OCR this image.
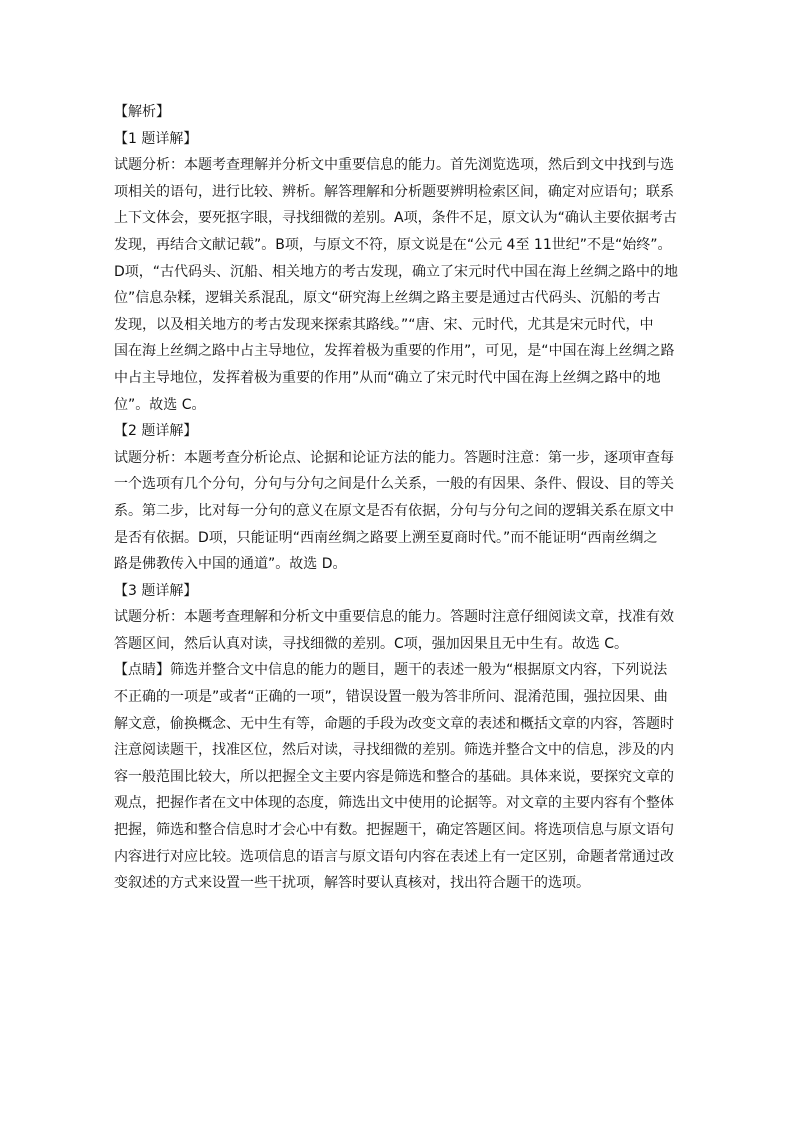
【解析】
【1 题详解】
试题分析：本题考查理解并分析文中重要信息的能力。首先浏览选项，然后到文中找到与选
项相关的语句，进行比较、辨析。解答理解和分析题要辨明检索区间，确定对应语句；联系
上下文体会，要死抠字眼，寻找细微的差别。A项，条件不足，原文认为“确认主要依据考古
发现，再结合文献记载”。B项，与原文不符，原文说是在“公元 4至 11世纪”不是“始终”。
D项，“古代码头、沉船、相关地方的考古发现，确立了宋元时代中国在海上丝绸之路中的地
位”信息杂糅，逻辑关系混乱，原文“研究海上丝绸之路主要是通过古代码头、沉船的考古
发现，以及相关地方的考古发现来探索其路线。”“唐、宋、元时代，尤其是宋元时代，中
国在海上丝绸之路中占主导地位，发挥着极为重要的作用”，可见，是“中国在海上丝绸之路
中占主导地位，发挥着极为重要的作用”从而“确立了宋元时代中国在海上丝绸之路中的地
位”。故选 C。
【2 题详解】
试题分析：本题考查分析论点、论据和论证方法的能力。答题时注意：第一步，逐项审查每
一个选项有几个分句，分句与分句之间是什么关系，一般的有因果、条件、假设、目的等关
系。第二步，比对每一分句的意义在原文是否有依据，分句与分句之间的逻辑关系在原文中
是否有依据。D项，只能证明“西南丝绸之路要上溯至夏商时代。”而不能证明“西南丝绸之
路是佛教传入中国的通道”。故选 D。
【3 题详解】
试题分析：本题考查理解和分析文中重要信息的能力。答题时注意仔细阅读文章，找准有效
答题区间，然后认真对读，寻找细微的差别。C项，强加因果且无中生有。故选 C。
【点睛】筛选并整合文中信息的能力的题目，题干的表述一般为“根据原文内容，下列说法
不正确的一项是”或者“正确的一项”，错误设置一般为答非所问、混淆范围，强拉因果、曲
解文意，偷换概念、无中生有等，命题的手段为改变文章的表述和概括文章的内容，答题时
注意阅读题干，找准区位，然后对读，寻找细微的差别。筛选并整合文中的信息，涉及的内
容一般范围比较大，所以把握全文主要内容是筛选和整合的基础。具体来说，要探究文章的
观点，把握作者在文中体现的态度，筛选出文中使用的论据等。对文章的主要内容有个整体
把握，筛选和整合信息时才会心中有数。把握题干，确定答题区间。将选项信息与原文语句
内容进行对应比较。选项信息的语言与原文语句内容在表述上有一定区别，命题者常通过改
变叙述的方式来设置一些干扰项，解答时要认真核对，找出符合题干的选项。
